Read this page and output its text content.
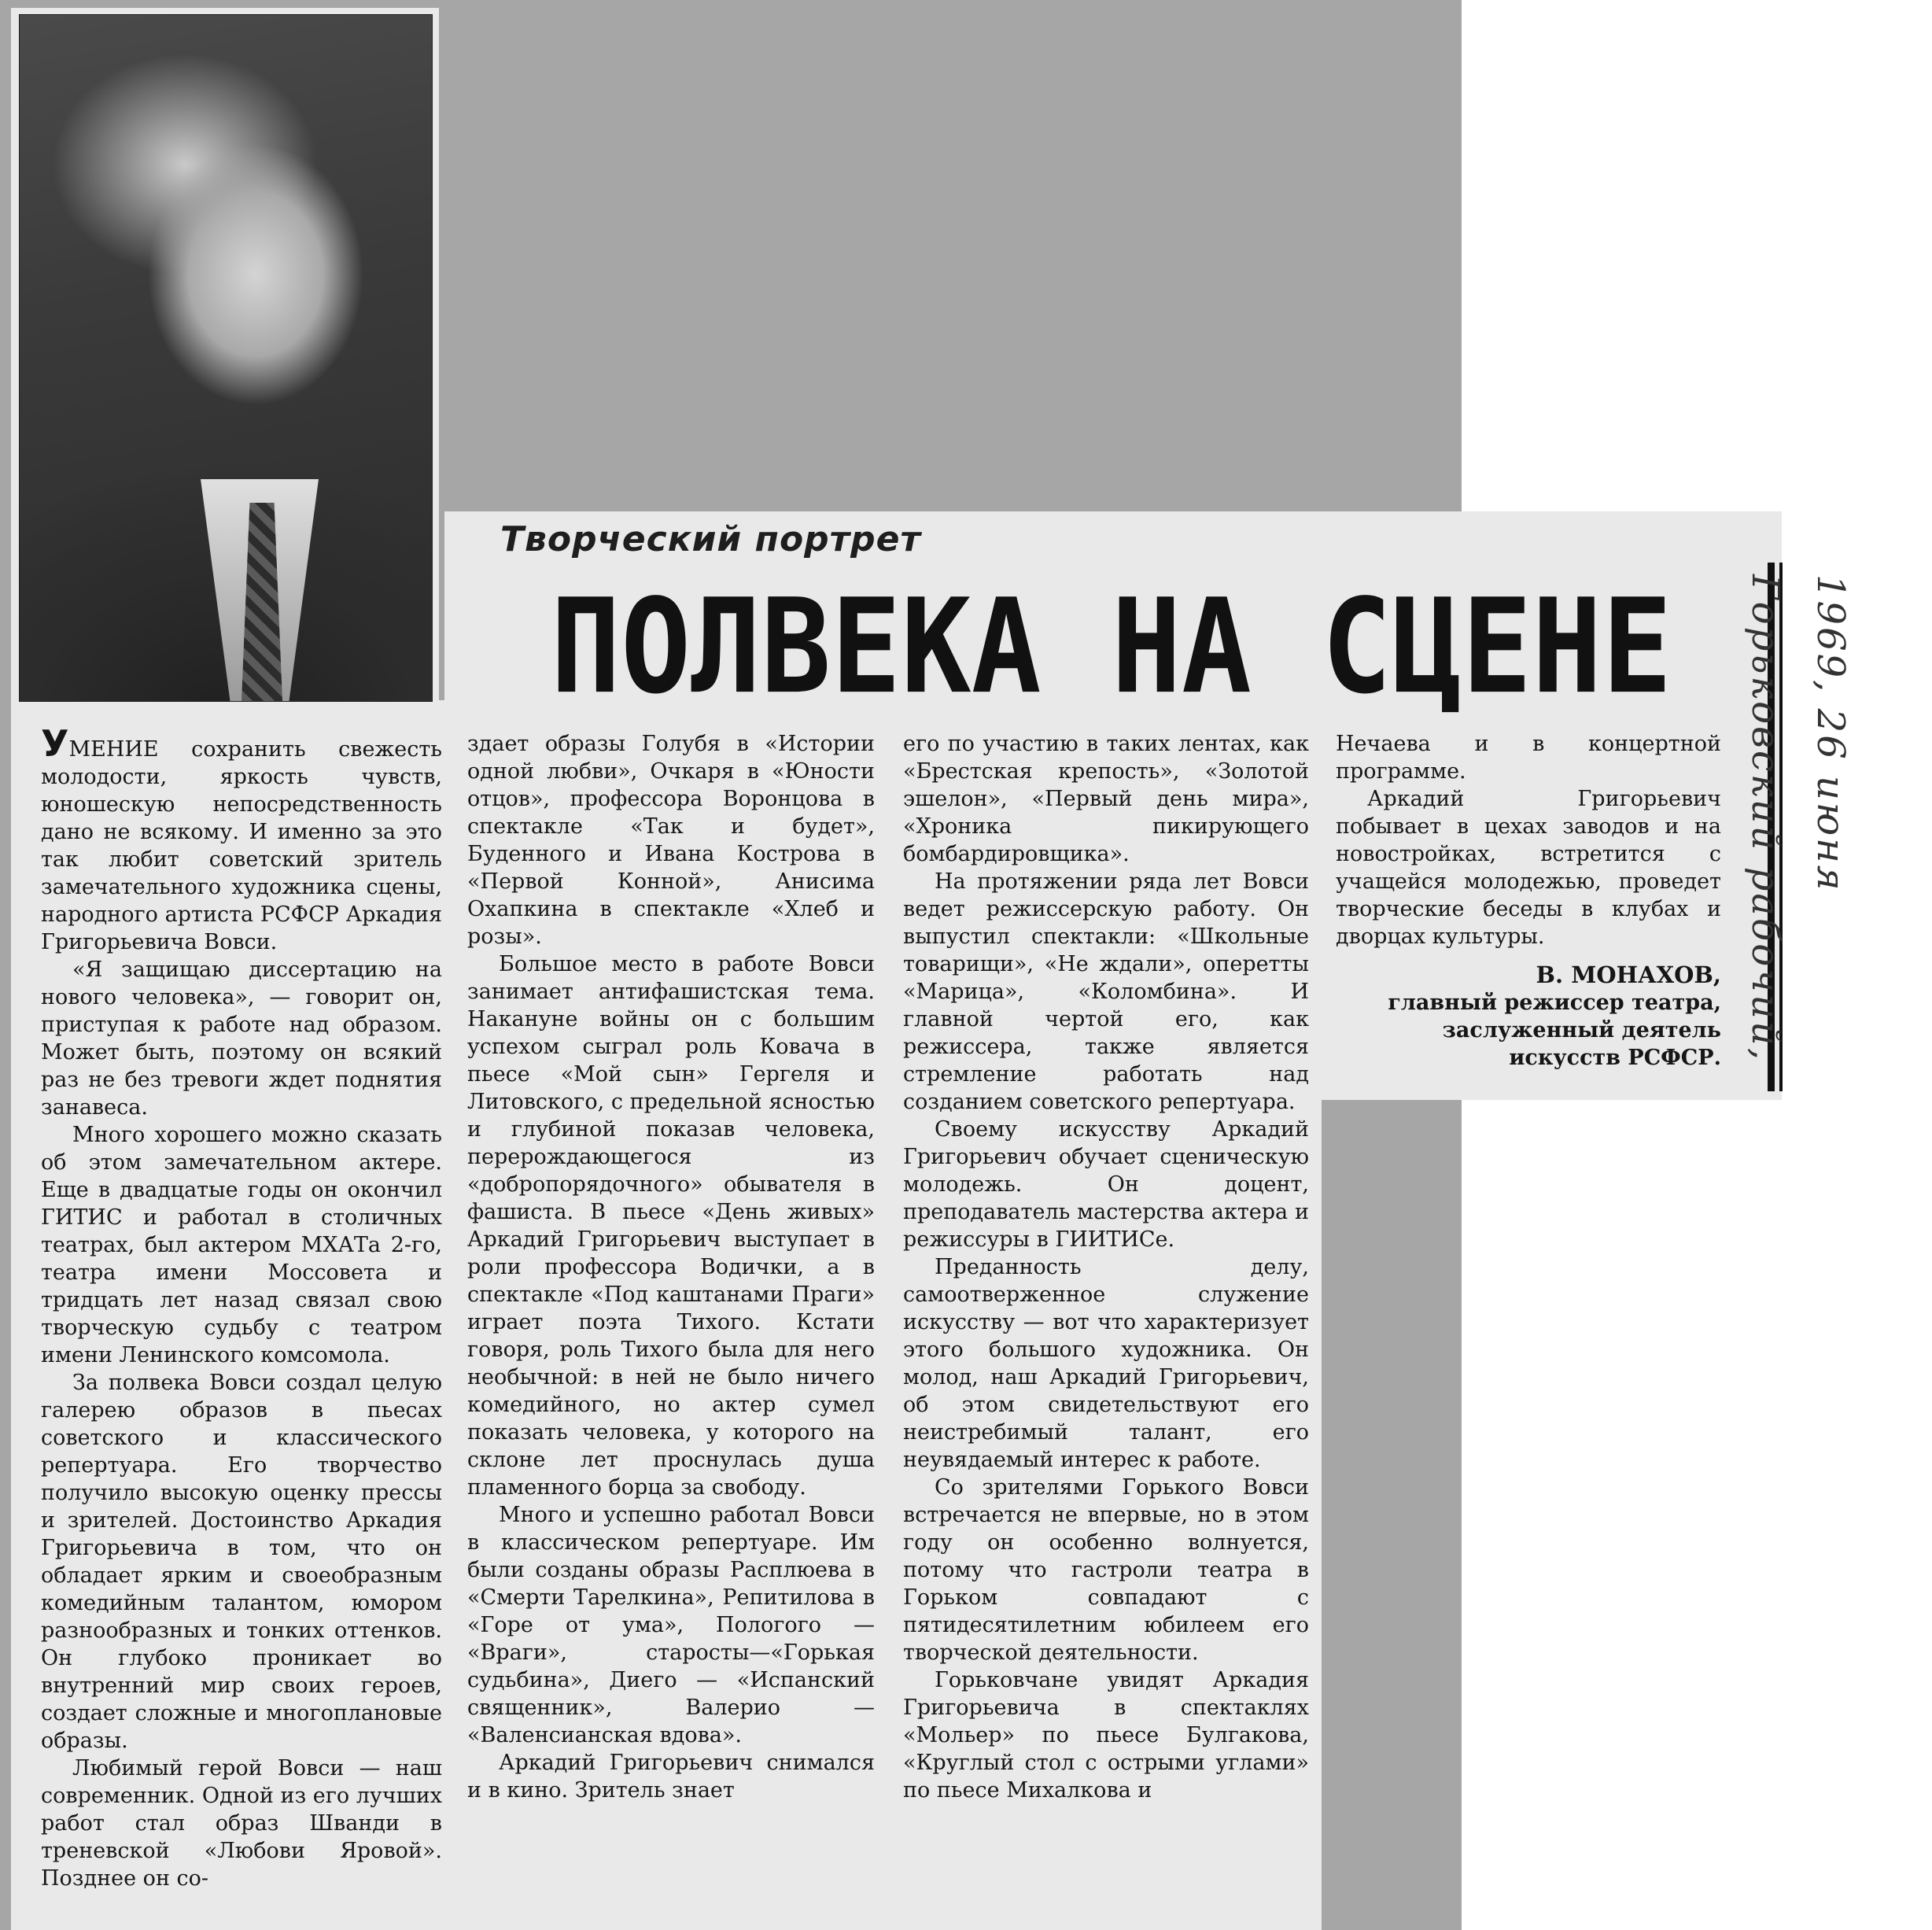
Творческий портрет
ПОЛВЕКА НА СЦЕНЕ	Горьковский рабочий, 1969, 26 июня

УМЕНИЕ сохранить свежесть молодости, яркость чувств, юношескую непосредственность дано не всякому. И именно за это так любит советский зритель замечательного художника сцены, народного артиста РСФСР Аркадия Григорьевича Вовси.

«Я защищаю диссертацию на нового человека», — говорит он, приступая к работе над образом. Может быть, поэтому он всякий раз не без тревоги ждет поднятия занавеса.

Много хорошего можно сказать об этом замечательном актере. Еще в двадцатые годы он окончил ГИТИС и работал в столичных театрах, был актером МХАТа 2-го, театра имени Моссовета и тридцать лет назад связал свою творческую судьбу с театром имени Ленинского комсомола.

За полвека Вовси создал целую галерею образов в пьесах советского и классического репертуара. Его творчество получило высокую оценку прессы и зрителей. Достоинство Аркадия Григорьевича в том, что он обладает ярким и своеобразным комедийным талантом, юмором разнообразных и тонких оттенков. Он глубоко проникает во внутренний мир своих героев, создает сложные и многоплановые образы.

Любимый герой Вовси — наш современник. Одной из его лучших работ стал образ Шванди в треневской «Любови Яровой». Позднее он со-

здает образы Голубя в «Истории одной любви», Очкаря в «Юности отцов», профессора Воронцова в спектакле «Так и будет», Буденного и Ивана Кострова в «Первой Конной», Анисима Охапкина в спектакле «Хлеб и розы».

Большое место в работе Вовси занимает антифашистская тема. Накануне войны он с большим успехом сыграл роль Ковача в пьесе «Мой сын» Гергеля и Литовского, с предельной ясностью и глубиной показав человека, перерождающегося из «добропорядочного» обывателя в фашиста. В пьесе «День живых» Аркадий Григорьевич выступает в роли профессора Водички, а в спектакле «Под каштанами Праги» играет поэта Тихого. Кстати говоря, роль Тихого была для него необычной: в ней не было ничего комедийного, но актер сумел показать человека, у которого на склоне лет проснулась душа пламенного борца за свободу.

Много и успешно работал Вовси в классическом репертуаре. Им были созданы образы Расплюева в «Смерти Тарелкина», Репитилова в «Горе от ума», Пологого — «Враги», старосты—«Горькая судьбина», Диего — «Испанский священник», Валерио — «Валенсианская вдова».

Аркадий Григорьевич снимался и в кино. Зритель знает

его по участию в таких лентах, как «Брестская крепость», «Золотой эшелон», «Первый день мира», «Хроника пикирующего бомбардировщика».

На протяжении ряда лет Вовси ведет режиссерскую работу. Он выпустил спектакли: «Школьные товарищи», «Не ждали», оперетты «Марица», «Коломбина». И главной чертой его, как режиссера, также является стремление работать над созданием советского репертуара.

Своему искусству Аркадий Григорьевич обучает сценическую молодежь. Он доцент, преподаватель мастерства актера и режиссуры в ГИИТИСе.

Преданность делу, самоотверженное служение искусству — вот что характеризует этого большого художника. Он молод, наш Аркадий Григорьевич, об этом свидетельствуют его неистребимый талант, его неувядаемый интерес к работе.

Со зрителями Горького Вовси встречается не впервые, но в этом году он особенно волнуется, потому что гастроли театра в Горьком совпадают с пятидесятилетним юбилеем его творческой деятельности.

Горьковчане увидят Аркадия Григорьевича в спектаклях «Мольер» по пьесе Булгакова, «Круглый стол с острыми углами» по пьесе Михалкова и

Нечаева и в концертной программе.

Аркадий Григорьевич побывает в цехах заводов и на новостройках, встретится с учащейся молодежью, проведет творческие беседы в клубах и дворцах культуры.

В. МОНАХОВ,
главный режиссер театра, заслуженный деятель искусств РСФСР.
